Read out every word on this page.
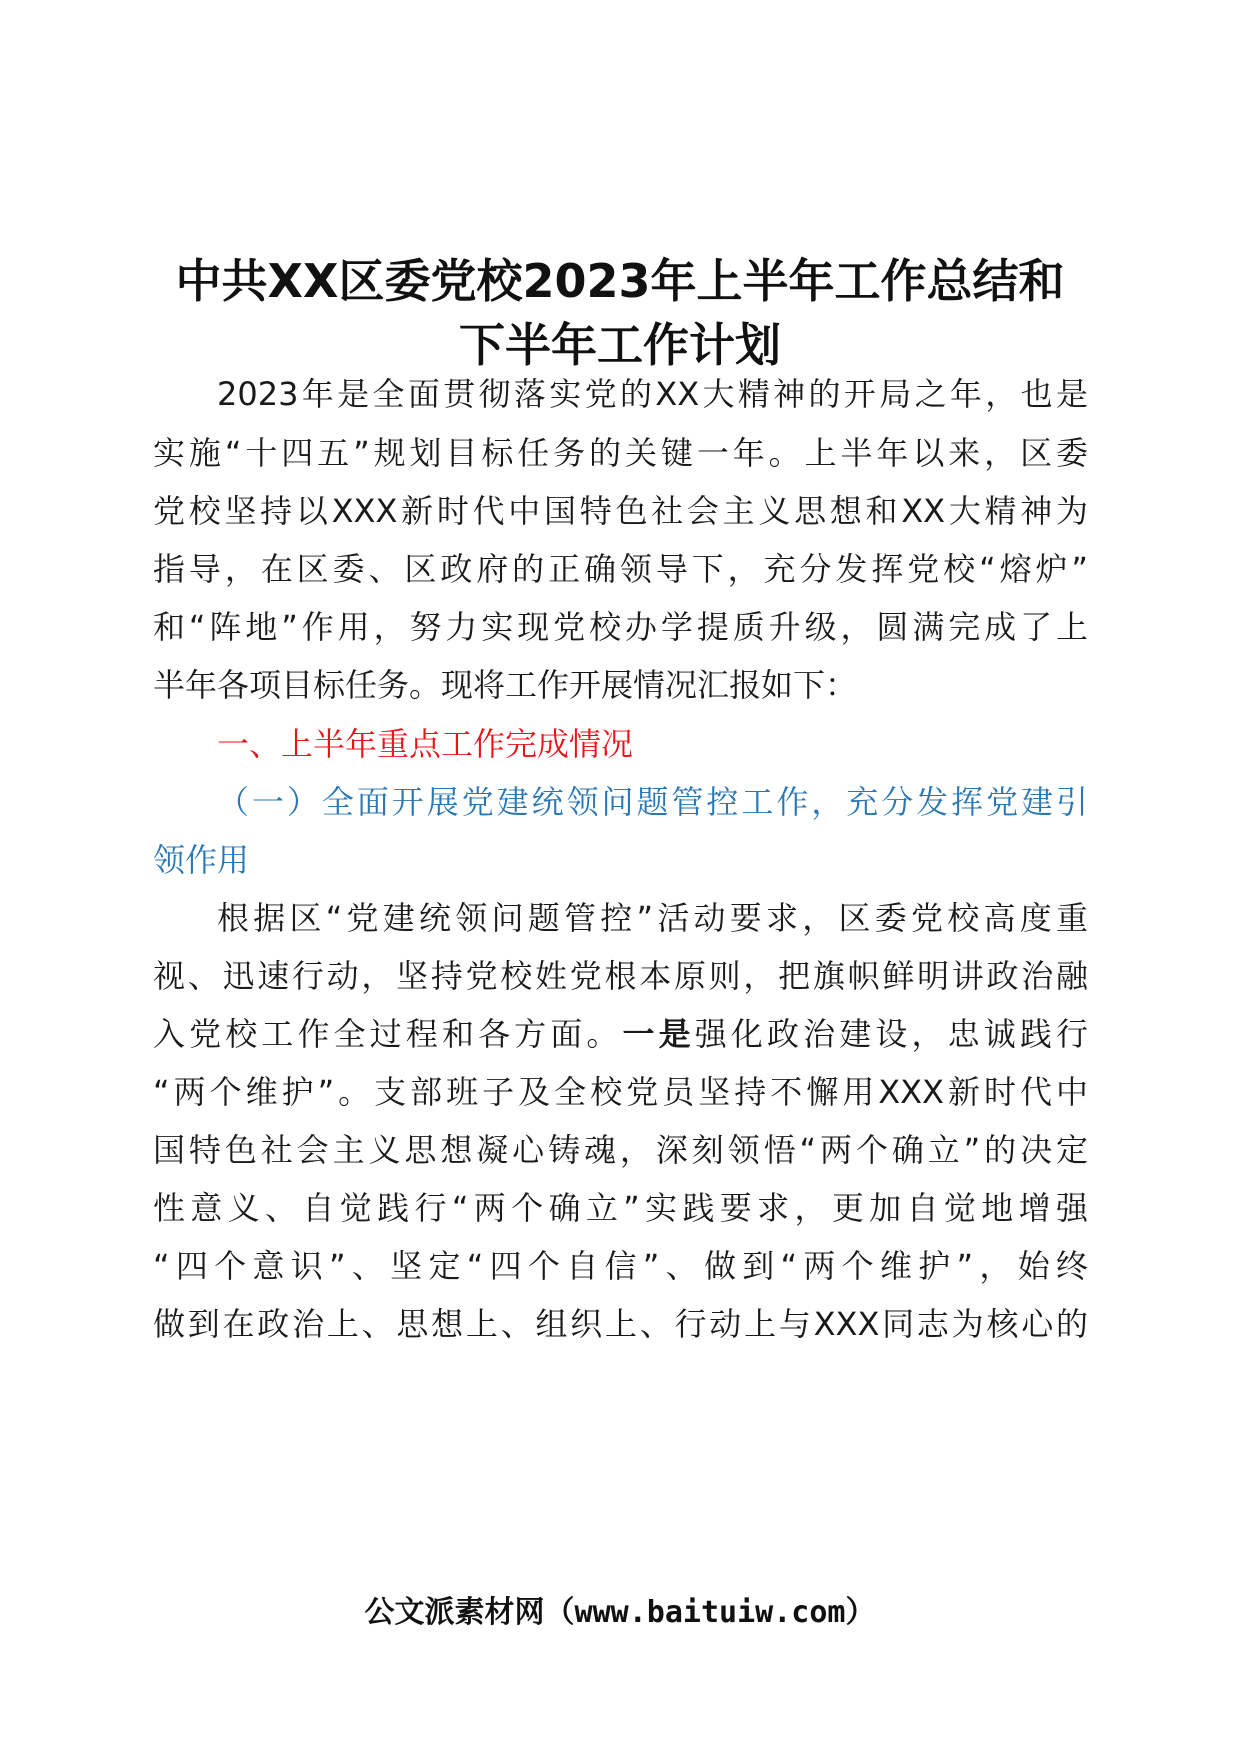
中共XX区委党校2023年上半年工作总结和
下半年工作计划

2023年是全面贯彻落实党的XX大精神的开局之年，也是

实施“十四五”规划目标任务的关键一年。上半年以来，区委

党校坚持以XXX新时代中国特色社会主义思想和XX大精神为

指导，在区委、区政府的正确领导下，充分发挥党校“熔炉”

和“阵地”作用，努力实现党校办学提质升级，圆满完成了上

半年各项目标任务。现将工作开展情况汇报如下：

一、上半年重点工作完成情况

（一）全面开展党建统领问题管控工作，充分发挥党建引

领作用

根据区“党建统领问题管控”活动要求，区委党校高度重

视、迅速行动，坚持党校姓党根本原则，把旗帜鲜明讲政治融

入党校工作全过程和各方面。一是强化政治建设，忠诚践行

“两个维护”。支部班子及全校党员坚持不懈用XXX新时代中

国特色社会主义思想凝心铸魂，深刻领悟“两个确立”的决定

性意义、自觉践行“两个确立”实践要求，更加自觉地增强

“四个意识”、坚定“四个自信”、做到“两个维护”，始终

做到在政治上、思想上、组织上、行动上与XXX同志为核心的

公文派素材网（www.baituiw.com）
